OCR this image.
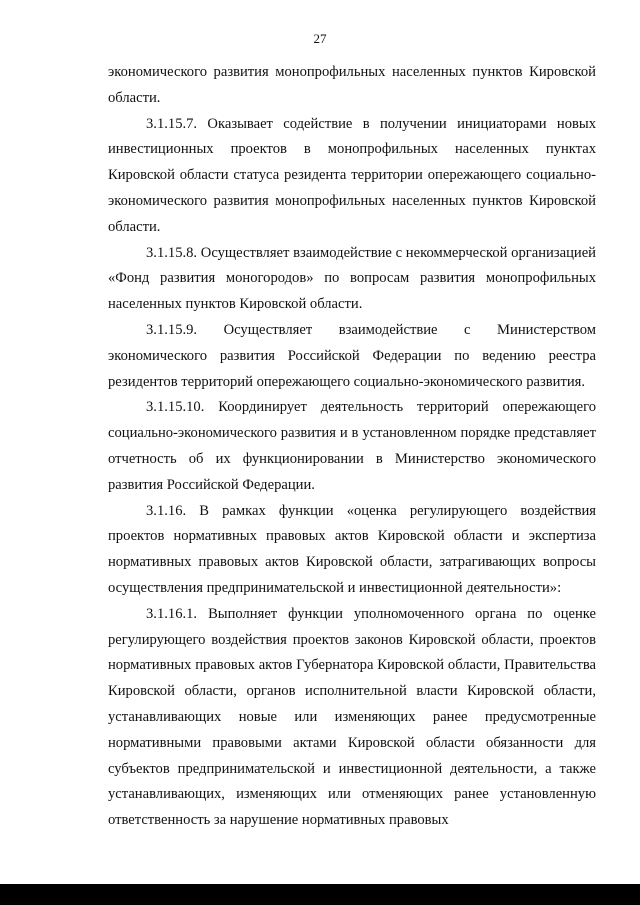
27

экономического развития монопрофильных населенных пунктов Кировской области.

3.1.15.7. Оказывает содействие в получении инициаторами новых инвестиционных проектов в монопрофильных населенных пунктах Кировской области статуса резидента территории опережающего социально-экономического развития монопрофильных населенных пунктов Кировской области.

3.1.15.8. Осуществляет взаимодействие с некоммерческой организацией «Фонд развития моногородов» по вопросам развития монопрофильных населенных пунктов Кировской области.

3.1.15.9. Осуществляет взаимодействие с Министерством экономического развития Российской Федерации по ведению реестра резидентов территорий опережающего социально-экономического развития.

3.1.15.10. Координирует деятельность территорий опережающего социально-экономического развития и в установленном порядке представляет отчетность об их функционировании в Министерство экономического развития Российской Федерации.

3.1.16. В рамках функции «оценка регулирующего воздействия проектов нормативных правовых актов Кировской области и экспертиза нормативных правовых актов Кировской области, затрагивающих вопросы осуществления предпринимательской и инвестиционной деятельности»:

3.1.16.1. Выполняет функции уполномоченного органа по оценке регулирующего воздействия проектов законов Кировской области, проектов нормативных правовых актов Губернатора Кировской области, Правительства Кировской области, органов исполнительной власти Кировской области, устанавливающих новые или изменяющих ранее предусмотренные нормативными правовыми актами Кировской области обязанности для субъектов предпринимательской и инвестиционной деятельности, а также устанавливающих, изменяющих или отменяющих ранее установленную ответственность за нарушение нормативных правовых
